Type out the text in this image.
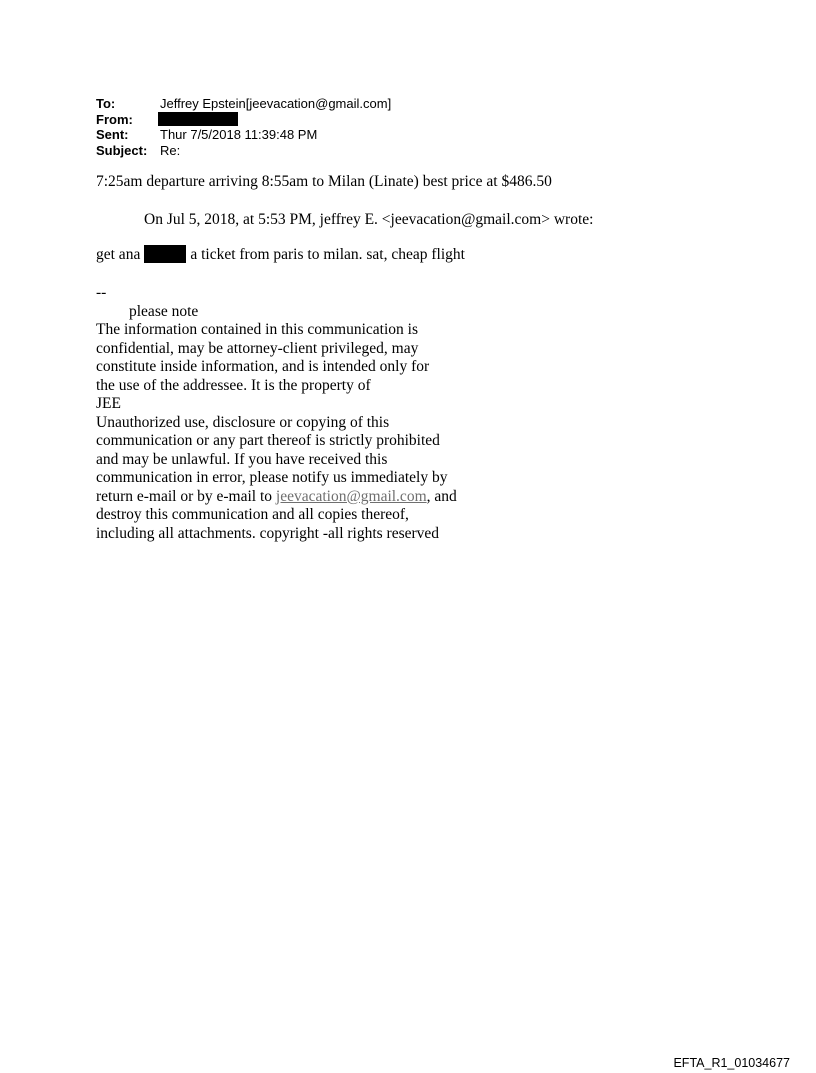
To:	Jeffrey Epstein[jeevacation@gmail.com]
From:
Sent:	Thur 7/5/2018 11:39:48 PM
Subject: Re:
7:25am departure arriving 8:55am to Milan (Linate) best price at $486.50
On Jul 5, 2018, at 5:53 PM, jeffrey E. <jeevacation@gmail.com> wrote:
get ana	a ticket from paris to milan. sat, cheap flight
--
please note
The information contained in this communication is
confidential, may be attorney-client privileged, may
constitute inside information, and is intended only for
the use of the addressee. It is the property of
JEE
Unauthorized use, disclosure or copying of this
communication or any part thereof is strictly prohibited
and may be unlawful. If you have received this
communication in error, please notify us immediately by
return e-mail or by e-mail to jeevacation@gmail.com, and
destroy this communication and all copies thereof,
including all attachments. copyright -all rights reserved
EFTA_R1_01034677
